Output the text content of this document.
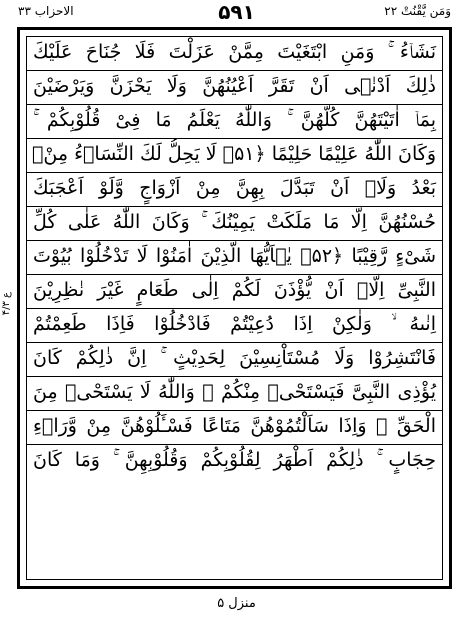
الاحزاب ۳۳	۵۹۱	وَمَن يَّقْنُتْ ۲۲
ع ۴/۳
نَشَاۤءُ ۚ وَمَنِ ابْتَغَيْتَ مِمَّنْ عَزَلْتَ فَلَا جُنَاحَ عَلَيْكَ
ذٰلِكَ اَدْنٰۤى اَنْ تَقَرَّ اَعْيُنُهُنَّ وَلَا يَحْزَنَّ وَيَرْضَيْنَ
بِمَاۤ اٰتَيْتَهُنَّ كُلُّهُنَّ ۚ وَاللّٰهُ يَعْلَمُ مَا فِىْ قُلُوْبِكُمْ ۚ
وَكَانَ اللّٰهُ عَلِيْمًا حَلِيْمًا ﴿۵۱﴾ لَا يَحِلُّ لَكَ النِّسَاۤءُ مِنْۢ
بَعْدُ وَلَاۤ اَنْ تَبَدَّلَ بِهِنَّ مِنْ اَزْوَاجٍ وَّلَوْ اَعْجَبَكَ
حُسْنُهُنَّ اِلَّا مَا مَلَكَتْ يَمِيْنُكَ ۚ وَكَانَ اللّٰهُ عَلٰى كُلِّ
شَىْءٍ رَّقِيْبًا ﴿۵۲﴾ يٰۤاَيُّهَا الَّذِيْنَ اٰمَنُوْا لَا تَدْخُلُوْا بُيُوْتَ
النَّبِىِّ اِلَّاۤ اَنْ يُّؤْذَنَ لَكُمْ اِلٰى طَعَامٍ غَيْرَ نٰظِرِيْنَ
اِنٰىهُ ۙ وَلٰكِنْ اِذَا دُعِيْتُمْ فَادْخُلُوْا فَاِذَا طَعِمْتُمْ
فَانْتَشِرُوْا وَلَا مُسْتَاْنِسِيْنَ لِحَدِيْثٍ ۚ اِنَّ ذٰلِكُمْ كَانَ
يُؤْذِى النَّبِىَّ فَيَسْتَحْىٖ مِنْكُمْ ۚ وَاللّٰهُ لَا يَسْتَحْىٖ مِنَ
الْحَقِّ ۚ وَاِذَا سَاَلْتُمُوْهُنَّ مَتَاعًا فَسْـَٔلُوْهُنَّ مِنْ وَّرَاۤءِ
حِجَابٍ ۚ ذٰلِكُمْ اَطْهَرُ لِقُلُوْبِكُمْ وَقُلُوْبِهِنَّ ۚ وَمَا كَانَ
منزل ۵
